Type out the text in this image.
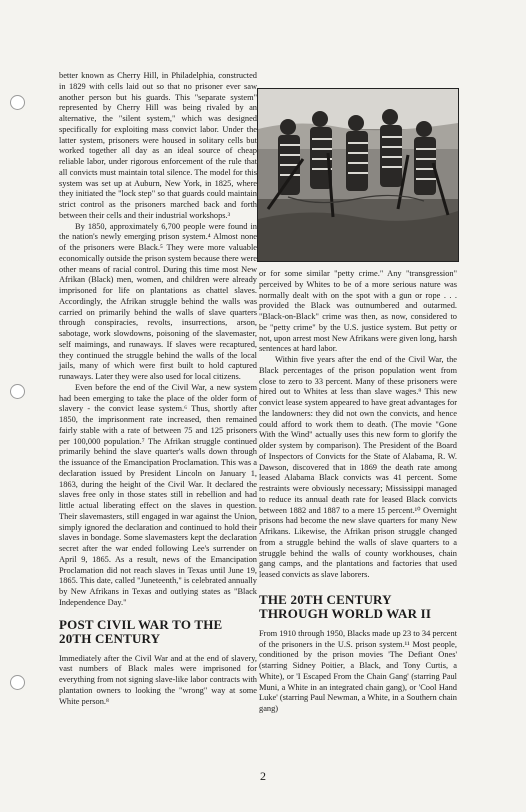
better known as Cherry Hill, in Philadelphia, constructed in 1829 with cells laid out so that no prisoner ever saw another person but his guards. This "separate system" represented by Cherry Hill was being rivaled by an alternative, the "silent system," which was designed specifically for exploiting mass convict labor. Under the latter system, prisoners were housed in solitary cells but worked together all day as an ideal source of cheap reliable labor, under rigorous enforcement of the rule that all convicts must maintain total silence. The model for this system was set up at Auburn, New York, in 1825, where they initiated the "lock step" so that guards could maintain strict control as the prisoners marched back and forth between their cells and their industrial workshops.³

By 1850, approximately 6,700 people were found in the nation's newly emerging prison system.⁴ Almost none of the prisoners were Black.⁵ They were more valuable economically outside the prison system because there were other means of racial control. During this time most New Afrikan (Black) men, women, and children were already imprisoned for life on plantations as chattel slaves. Accordingly, the Afrikan struggle behind the walls was carried on primarily behind the walls of slave quarters through conspiracies, revolts, insurrections, arson, sabotage, work slowdowns, poisoning of the slavemaster, self maimings, and runaways. If slaves were recaptured, they continued the struggle behind the walls of the local jails, many of which were first built to hold captured runaways. Later they were also used for local citizens.

Even before the end of the Civil War, a new system had been emerging to take the place of the older form of slavery - the convict lease system.⁶ Thus, shortly after 1850, the imprisonment rate increased, then remained fairly stable with a rate of between 75 and 125 prisoners per 100,000 population.⁷ The Afrikan struggle continued primarily behind the slave quarter's walls down through the issuance of the Emancipation Proclamation. This was a declaration issued by President Lincoln on January 1, 1863, during the height of the Civil War. It declared the slaves free only in those states still in rebellion and had little actual liberating effect on the slaves in question. Their slavemasters, still engaged in war against the Union, simply ignored the declaration and continued to hold their slaves in bondage. Some slavemasters kept the declaration secret after the war ended following Lee's surrender on April 9, 1865. As a result, news of the Emancipation Proclamation did not reach slaves in Texas until June 19, 1865. This date, called "Juneteenth," is celebrated annually by New Afrikans in Texas and outlying states as "Black Independence Day."

POST CIVIL WAR TO THE 20TH CENTURY

Immediately after the Civil War and at the end of slavery, vast numbers of Black males were imprisoned for everything from not signing slave-like labor contracts with plantation owners to looking the "wrong" way at some White person.⁸

or for some similar "petty crime." Any "transgression" perceived by Whites to be of a more serious nature was normally dealt with on the spot with a gun or rope . . . provided the Black was outnumbered and outarmed. "Black-on-Black" crime was then, as now, considered to be "petty crime" by the U.S. justice system. But petty or not, upon arrest most New Afrikans were given long, harsh sentences at hard labor.

Within five years after the end of the Civil War, the Black percentages of the prison population went from close to zero to 33 percent. Many of these prisoners were hired out to Whites at less than slave wages.⁹ This new convict lease system appeared to have great advantages for the landowners: they did not own the convicts, and hence could afford to work them to death. (The movie "Gone With the Wind" actually uses this new form to glorify the older system by comparison). The President of the Board of Inspectors of Convicts for the State of Alabama, R. W. Dawson, discovered that in 1869 the death rate among leased Alabama Black convicts was 41 percent. Some restraints were obviously necessary; Mississippi managed to reduce its annual death rate for leased Black convicts between 1882 and 1887 to a mere 15 percent.¹⁰ Overnight prisons had become the new slave quarters for many New Afrikans. Likewise, the Afrikan prison struggle changed from a struggle behind the walls of slave quarters to a struggle behind the walls of county workhouses, chain gang camps, and the plantations and factories that used leased convicts as slave laborers.

THE 20TH CENTURY THROUGH WORLD WAR II

From 1910 through 1950, Blacks made up 23 to 34 percent of the prisoners in the U.S. prison system.¹¹ Most people, conditioned by the prison movies 'The Defiant Ones' (starring Sidney Poitier, a Black, and Tony Curtis, a White), or 'I Escaped From the Chain Gang' (starring Paul Muni, a White in an integrated chain gang), or 'Cool Hand Luke' (starring Paul Newman, a White, in a Southern chain gang)

2
